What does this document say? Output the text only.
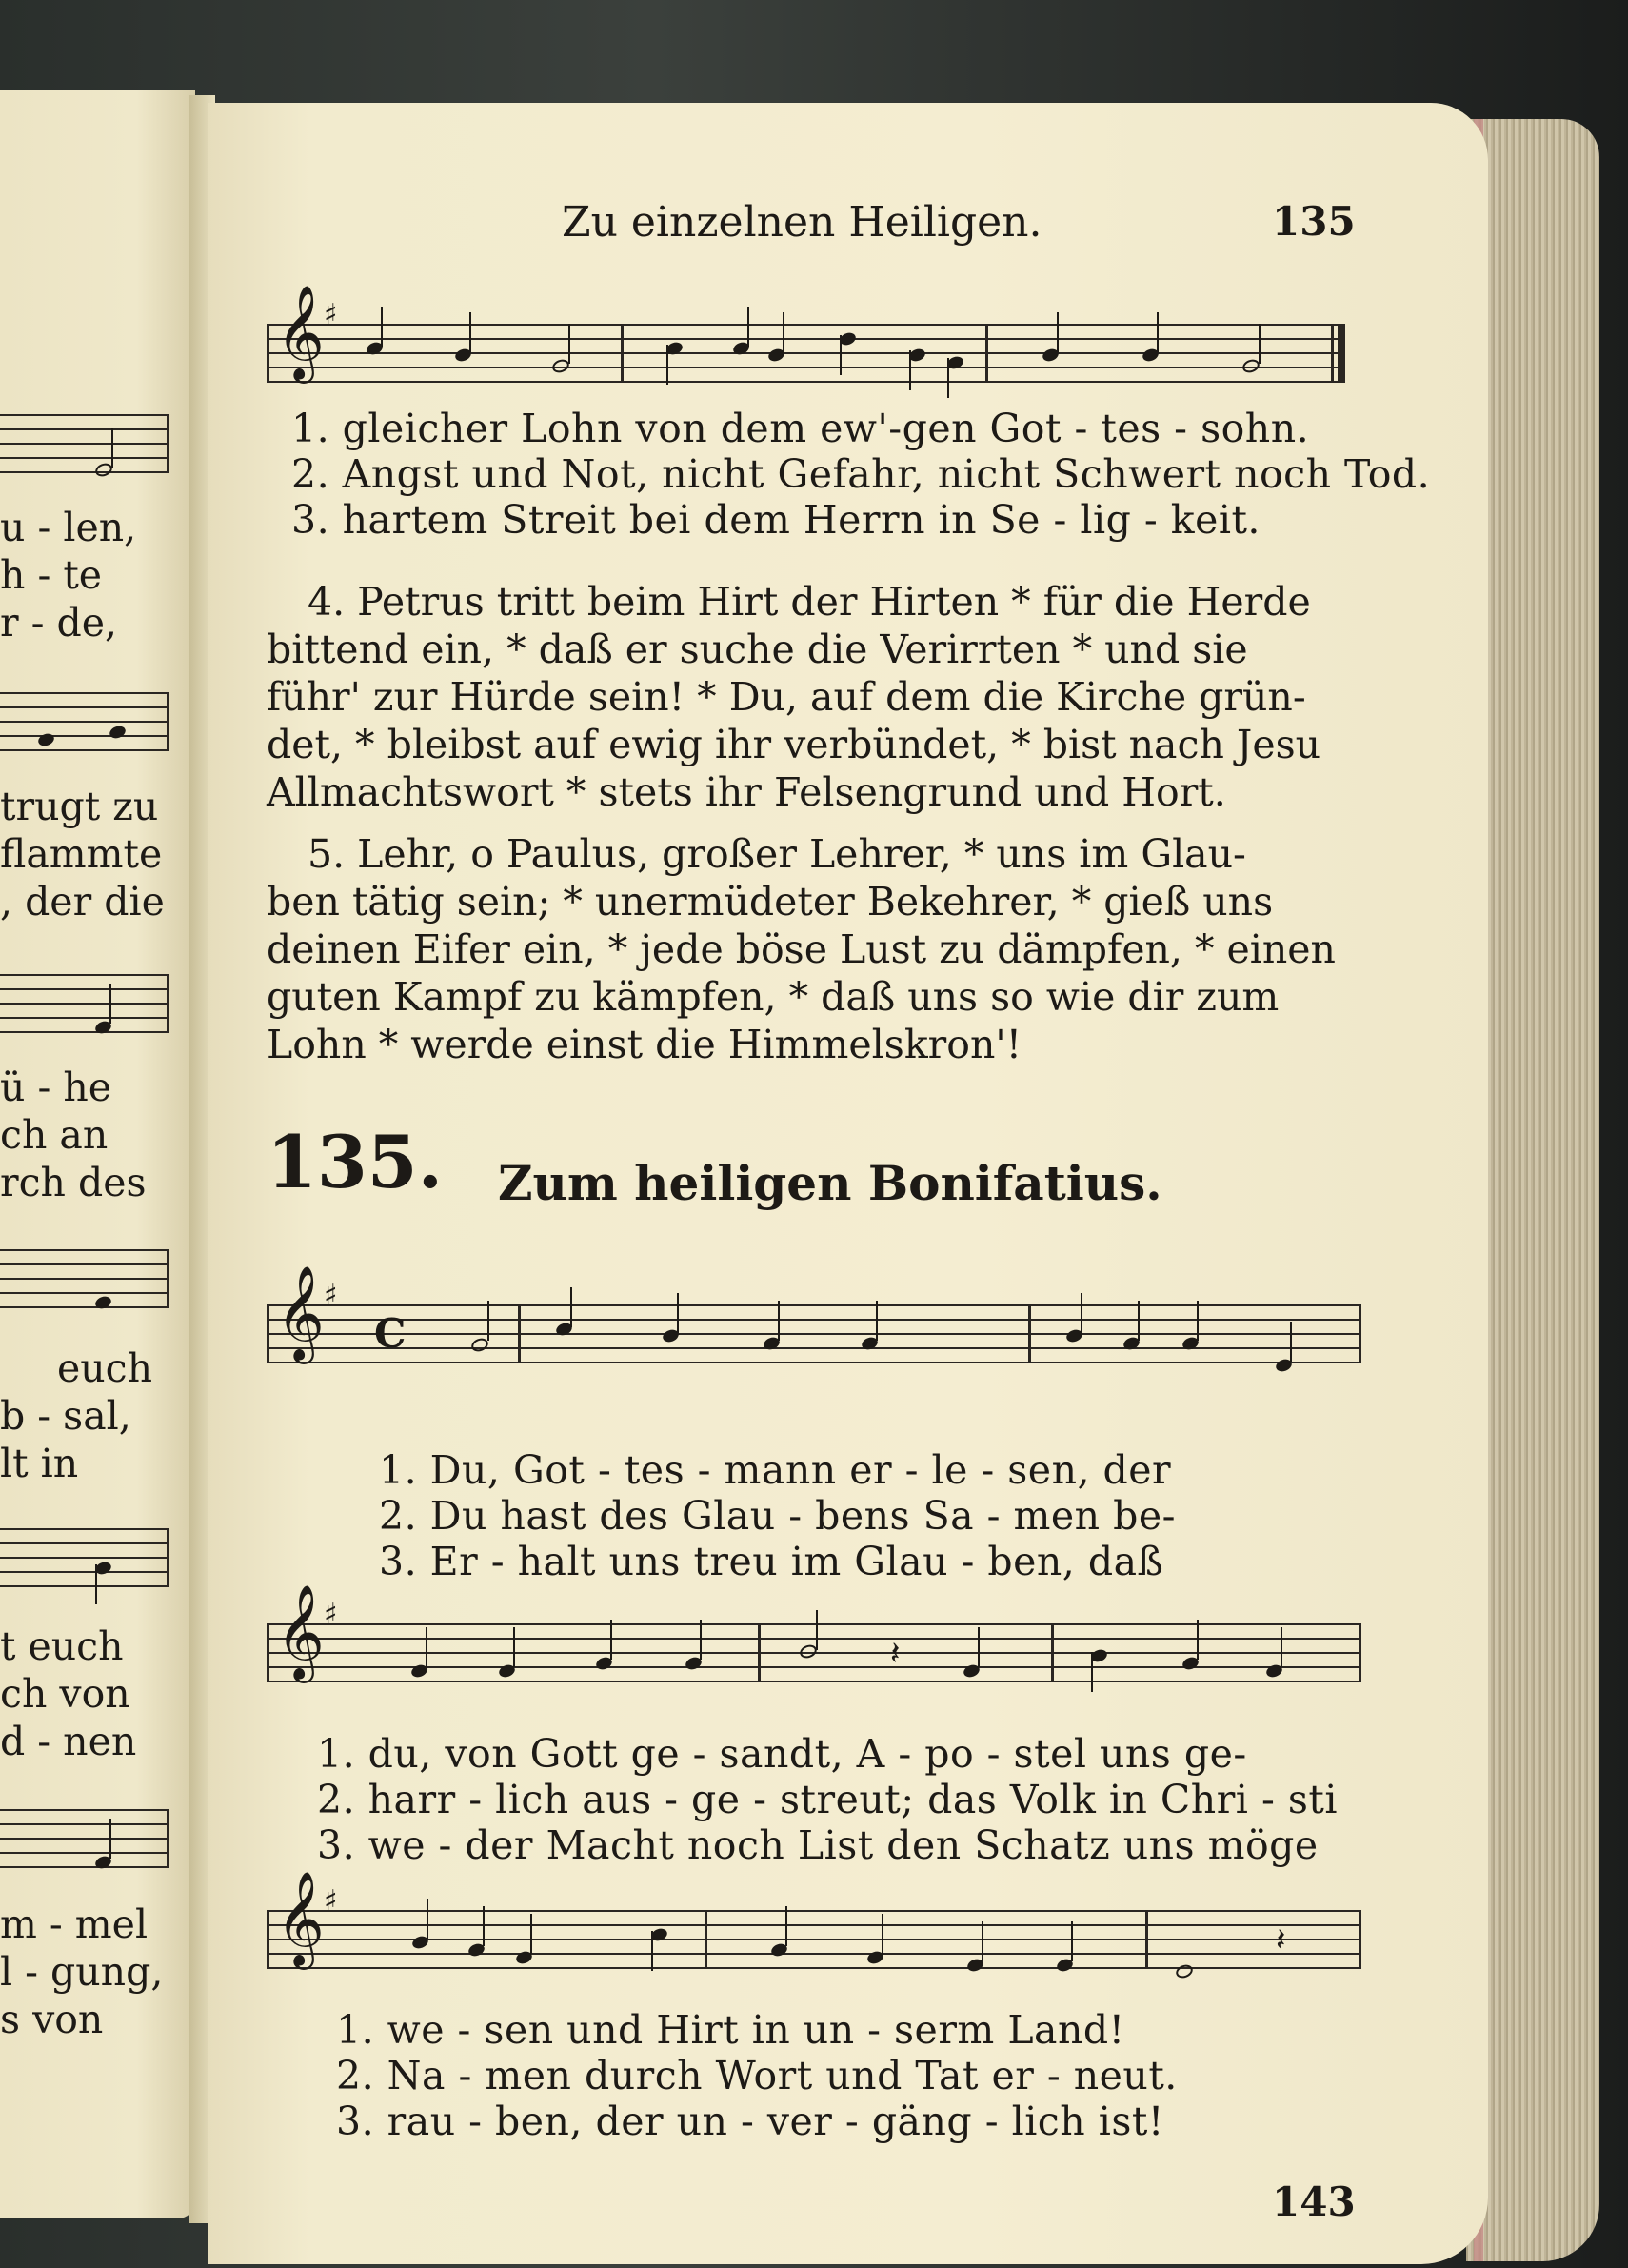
u - len,
h - te
r - de,
trugt zu
flammte
, der die
ü - he
ch an
rch des
euch
b - sal,
lt in
t euch
ch von
d - nen
m - mel
l - gung,
s von
Zu einzelnen Heiligen.	135
𝄞 ♯
1. gleicher Lohn von dem ew'-gen Got - tes - sohn.
2. Angst und Not, nicht Gefahr, nicht Schwert noch Tod.
3. hartem Streit bei dem Herrn in Se - lig - keit.
4. Petrus tritt beim Hirt der Hirten * für die Herde
bittend ein, * daß er suche die Verirrten * und sie
führ' zur Hürde sein! * Du, auf dem die Kirche grün-
det, * bleibst auf ewig ihr verbündet, * bist nach Jesu
Allmachtswort * stets ihr Felsengrund und Hort.
5. Lehr, o Paulus, großer Lehrer, * uns im Glau-
ben tätig sein; * unermüdeter Bekehrer, * gieß uns
deinen Eifer ein, * jede böse Lust zu dämpfen, * einen
guten Kampf zu kämpfen, * daß uns so wie dir zum
Lohn * werde einst die Himmelskron'!
135. Zum heiligen Bonifatius.
𝄞 ♯
C
1. Du, Got - tes - mann er - le - sen, der
2. Du hast des Glau - bens Sa - men be-
3. Er - halt uns treu im Glau - ben, daß
𝄽
𝄞 ♯
1. du, von Gott ge - sandt, A - po - stel uns ge-
2. harr - lich aus - ge - streut; das Volk in Chri - sti
3. we - der Macht noch List den Schatz uns möge
𝄽
𝄞 ♯
1. we - sen und Hirt in un - serm Land!
2. Na - men durch Wort und Tat er - neut.
3. rau - ben, der un - ver - gäng - lich ist!
143
